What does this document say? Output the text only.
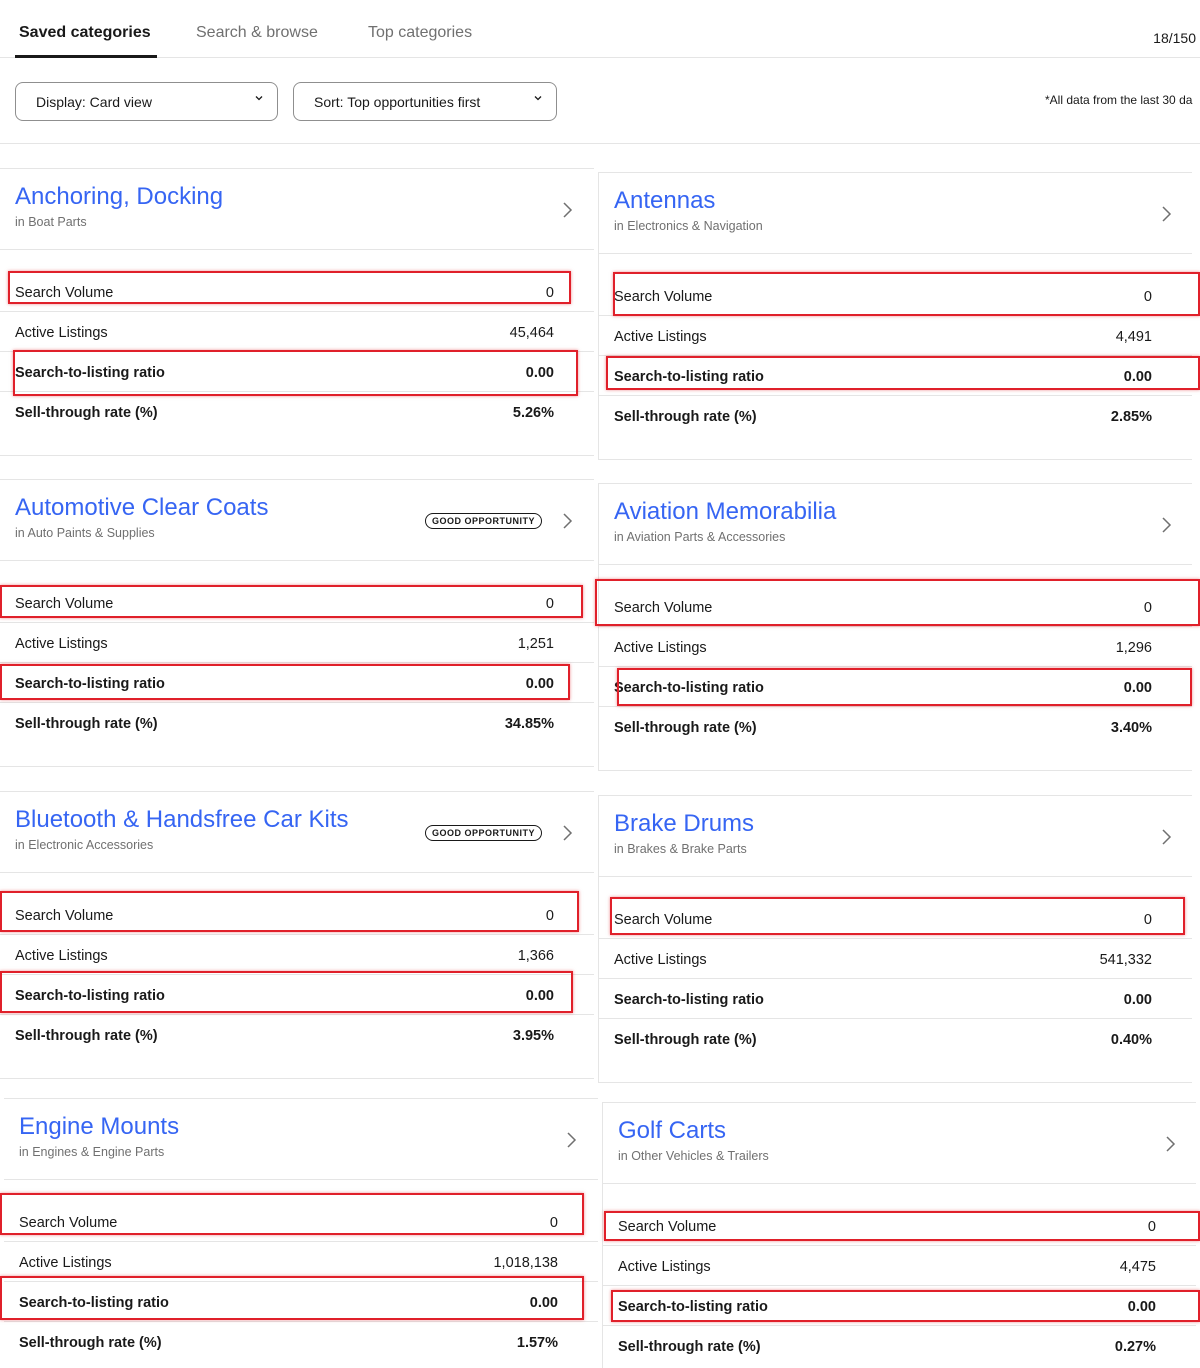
Saved categories	Search & browse	Top categories	18/150
Display: Card view	Sort: Top opportunities first	*All data from the last 30 da
Anchoring, Docking
in Boat Parts
Search Volume	0
Active Listings	45,464
Search-to-listing ratio	0.00
Sell-through rate (%)	5.26%
Antennas
in Electronics & Navigation
Search Volume	0
Active Listings	4,491
Search-to-listing ratio	0.00
Sell-through rate (%)	2.85%
Automotive Clear Coats
in Auto Paints & Supplies
GOOD OPPORTUNITY
Search Volume	0
Active Listings	1,251
Search-to-listing ratio	0.00
Sell-through rate (%)	34.85%
Aviation Memorabilia
in Aviation Parts & Accessories
Search Volume	0
Active Listings	1,296
Search-to-listing ratio	0.00
Sell-through rate (%)	3.40%
Bluetooth & Handsfree Car Kits
in Electronic Accessories
GOOD OPPORTUNITY
Search Volume	0
Active Listings	1,366
Search-to-listing ratio	0.00
Sell-through rate (%)	3.95%
Brake Drums
in Brakes & Brake Parts
Search Volume	0
Active Listings	541,332
Search-to-listing ratio	0.00
Sell-through rate (%)	0.40%
Engine Mounts
in Engines & Engine Parts
Search Volume	0
Active Listings	1,018,138
Search-to-listing ratio	0.00
Sell-through rate (%)	1.57%
Golf Carts
in Other Vehicles & Trailers
Search Volume	0
Active Listings	4,475
Search-to-listing ratio	0.00
Sell-through rate (%)	0.27%
